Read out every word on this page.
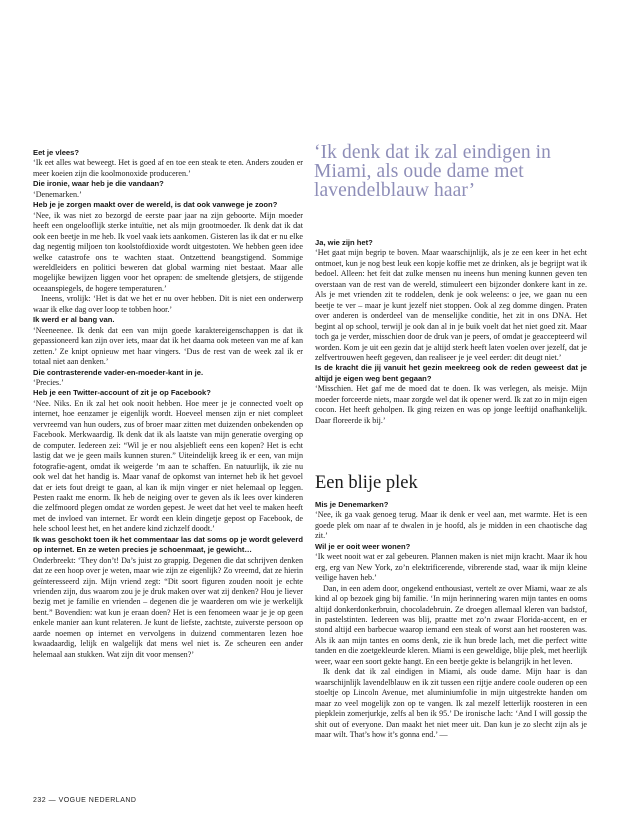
Eet je vlees?

‘Ik eet alles wat beweegt. Het is goed af en toe een steak te eten. Anders zouden er meer koeien zijn die koolmonoxide produceren.’

Die ironie, waar heb je die vandaan?

‘Denemarken.’

Heb je je zorgen maakt over de wereld, is dat ook vanwege je zoon?

‘Nee, ik was niet zo bezorgd de eerste paar jaar na zijn geboorte. Mijn moeder heeft een ongelooflijk sterke intuïtie, net als mijn grootmoeder. Ik denk dat ik dat ook een beetje in me heb. Ik voel vaak iets aankomen. Gisteren las ik dat er nu elke dag negentig miljoen ton koolstofdioxide wordt uitgestoten. We hebben geen idee welke catastrofe ons te wachten staat. Ontzettend beangstigend. Sommige wereldleiders en politici beweren dat global warming niet bestaat. Maar alle mogelijke bewijzen liggen voor het oprapen: de smeltende gletsjers, de stijgende oceaanspiegels, de hogere temperaturen.’

Ineens, vrolijk: ‘Het is dat we het er nu over hebben. Dit is niet een onderwerp waar ik elke dag over loop te tobben hoor.’

Ik werd er al bang van.

‘Neeneenee. Ik denk dat een van mijn goede karaktereigenschappen is dat ik gepassioneerd kan zijn over iets, maar dat ik het daarna ook meteen van me af kan zetten.’ Ze knipt opnieuw met haar vingers. ‘Dus de rest van de week zal ik er totaal niet aan denken.’

Die contrasterende vader-en-moeder-kant in je.

‘Precies.’

Heb je een Twitter-account of zit je op Facebook?

‘Nee. Niks. En ik zal het ook nooit hebben. Hoe meer je je connected voelt op internet, hoe eenzamer je eigenlijk wordt. Hoeveel mensen zijn er niet compleet vervreemd van hun ouders, zus of broer maar zitten met duizenden onbekenden op Facebook. Merkwaardig. Ik denk dat ik als laatste van mijn generatie overging op de computer. Iedereen zei: “Wil je er nou alsjeblieft eens een kopen? Het is echt lastig dat we je geen mails kunnen sturen.” Uiteindelijk kreeg ik er een, van mijn fotografie-agent, omdat ik weigerde ’m aan te schaffen. En natuurlijk, ik zie nu ook wel dat het handig is. Maar vanaf de opkomst van internet heb ik het gevoel dat er iets fout dreigt te gaan, al kan ik mijn vinger er niet helemaal op leggen. Pesten raakt me enorm. Ik heb de neiging over te geven als ik lees over kinderen die zelfmoord plegen omdat ze worden gepest. Je weet dat het veel te maken heeft met de invloed van internet. Er wordt een klein dingetje gepost op Facebook, de hele school leest het, en het andere kind zichzelf doodt.’

Ik was geschokt toen ik het commentaar las dat soms op je wordt geleverd op internet. En ze weten precies je schoenmaat, je gewicht…

Onderbreekt: ‘They don’t! Da’s juist zo grappig. Degenen die dat schrijven denken dat ze een hoop over je weten, maar wie zijn ze eigenlijk? Zo vreemd, dat ze hierin geïnteresseerd zijn. Mijn vriend zegt: “Dit soort figuren zouden nooit je echte vrienden zijn, dus waarom zou je je druk maken over wat zij denken? Hou je liever bezig met je familie en vrienden – degenen die je waarderen om wie je werkelijk bent.” Bovendien: wat kun je eraan doen? Het is een fenomeen waar je je op geen enkele manier aan kunt relateren. Je kunt de liefste, zachtste, zuiverste persoon op aarde noemen op internet en vervolgens in duizend commentaren lezen hoe kwaadaardig, lelijk en walgelijk dat mens wel niet is. Ze scheuren een ander helemaal aan stukken. Wat zijn dit voor mensen?’

‘Ik denk dat ik zal eindigen in Miami, als oude dame met lavendelblauw haar’

Ja, wie zijn het?

‘Het gaat mijn begrip te boven. Maar waarschijnlijk, als je ze een keer in het echt ontmoet, kun je nog best leuk een kopje koffie met ze drinken, als je begrijpt wat ik bedoel. Alleen: het feit dat zulke mensen nu ineens hun mening kunnen geven ten overstaan van de rest van de wereld, stimuleert een bijzonder donkere kant in ze. Als je met vrienden zit te roddelen, denk je ook weleens: o jee, we gaan nu een beetje te ver – maar je kunt jezelf niet stoppen. Ook al zeg domme dingen. Praten over anderen is onderdeel van de menselijke conditie, het zit in ons DNA. Het begint al op school, terwijl je ook dan al in je buik voelt dat het niet goed zit. Maar toch ga je verder, misschien door de druk van je peers, of omdat je geaccepteerd wil worden. Kom je uit een gezin dat je altijd sterk heeft laten voelen over jezelf, dat je zelfvertrouwen heeft gegeven, dan realiseer je je veel eerder: dit deugt niet.’

Is de kracht die jij vanuit het gezin meekreeg ook de reden geweest dat je altijd je eigen weg bent gegaan?

‘Misschien. Het gaf me de moed dat te doen. Ik was verlegen, als meisje. Mijn moeder forceerde niets, maar zorgde wel dat ik opener werd. Ik zat zo in mijn eigen cocon. Het heeft geholpen. Ik ging reizen en was op jonge leeftijd onafhankelijk. Daar floreerde ik bij.’

Een blije plek

Mis je Denemarken?

‘Nee, ik ga vaak genoeg terug. Maar ik denk er veel aan, met warmte. Het is een goede plek om naar af te dwalen in je hoofd, als je midden in een chaotische dag zit.’

Wil je er ooit weer wonen?

‘Ik weet nooit wat er zal gebeuren. Plannen maken is niet mijn kracht. Maar ik hou erg, erg van New York, zo’n elektrificerende, vibrerende stad, waar ik mijn kleine veilige haven heb.’

Dan, in een adem door, ongekend enthousiast, vertelt ze over Miami, waar ze als kind al op bezoek ging bij familie. ‘In mijn herinnering waren mijn tantes en ooms altijd donkerdonkerbruin, chocoladebruin. Ze droegen allemaal kleren van badstof, in pastelstinten. Iedereen was blij, praatte met zo’n zwaar Florida-accent, en er stond altijd een barbecue waarop iemand een steak of worst aan het roosteren was. Als ik aan mijn tantes en ooms denk, zie ik hun brede lach, met die perfect witte tanden en die zoetgekleurde kleren. Miami is een geweldige, blije plek, met heerlijk weer, waar een soort gekte hangt. En een beetje gekte is belangrijk in het leven.

Ik denk dat ik zal eindigen in Miami, als oude dame. Mijn haar is dan waarschijnlijk lavendelblauw en ik zit tussen een rijtje andere coole ouderen op een stoeltje op Lincoln Avenue, met aluminiumfolie in mijn uitgestrekte handen om maar zo veel mogelijk zon op te vangen. Ik zal mezelf letterlijk roosteren in een piepklein zomerjurkje, zelfs al ben ik 95.’ De ironische lach: ‘And I will gossip the shit out of everyone. Dan maakt het niet meer uit. Dan kun je zo slecht zijn als je maar wilt. That’s how it’s gonna end.’ —

232 — VOGUE NEDERLAND
